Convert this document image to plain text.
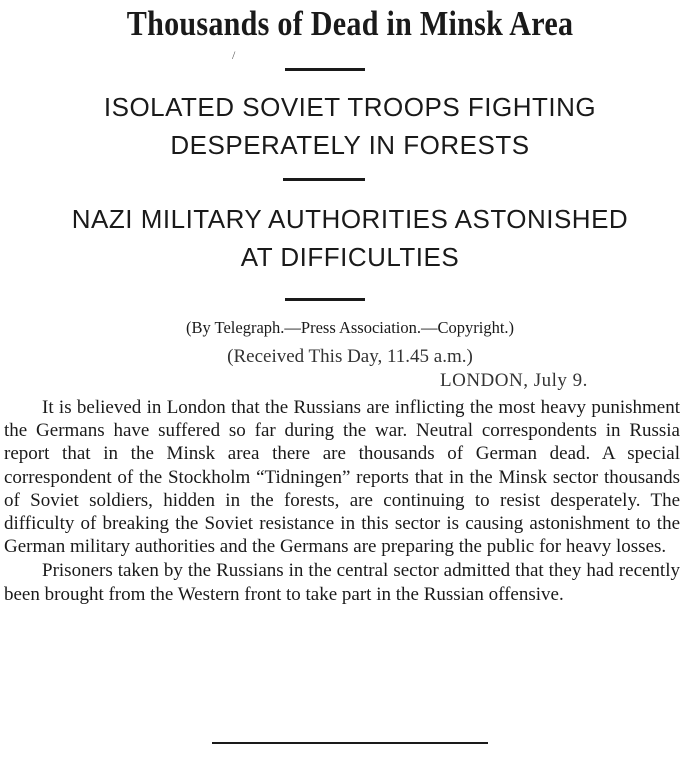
Thousands of Dead in Minsk Area
/
ISOLATED SOVIET TROOPS FIGHTING
DESPERATELY IN FORESTS
NAZI MILITARY AUTHORITIES ASTONISHED
AT DIFFICULTIES
(By Telegraph.—Press Association.—Copyright.)
(Received This Day, 11.45 a.m.)
LONDON, July 9.

It is believed in London that the Russians are inflicting the most heavy punishment the Germans have suffered so far during the war. Neutral correspondents in Russia report that in the Minsk area there are thousands of German dead. A special correspondent of the Stockholm “Tidningen” reports that in the Minsk sector thousands of Soviet soldiers, hidden in the forests, are continuing to resist desperately. The difficulty of breaking the Soviet resistance in this sector is causing astonishment to the German military authorities and the Germans are preparing the public for heavy losses.

Prisoners taken by the Russians in the central sector admitted that they had recently been brought from the Western front to take part in the Russian offensive.
